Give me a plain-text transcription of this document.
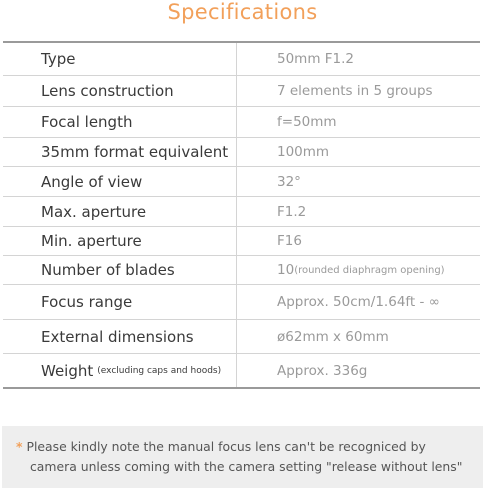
Specifications
Type	50mm F1.2
Lens construction	7 elements in 5 groups
Focal length	f=50mm
35mm format equivalent	100mm
Angle of view	32°
Max. aperture	F1.2
Min. aperture	F16
Number of blades	10 (rounded diaphragm opening)
Focus range	Approx. 50cm/1.64ft - ∞
External dimensions	ø62mm x 60mm
Weight (excluding caps and hoods)	Approx. 336g
* Please kindly note the manual focus lens can't be recogniced by
camera unless coming with the camera setting "release without lens"
